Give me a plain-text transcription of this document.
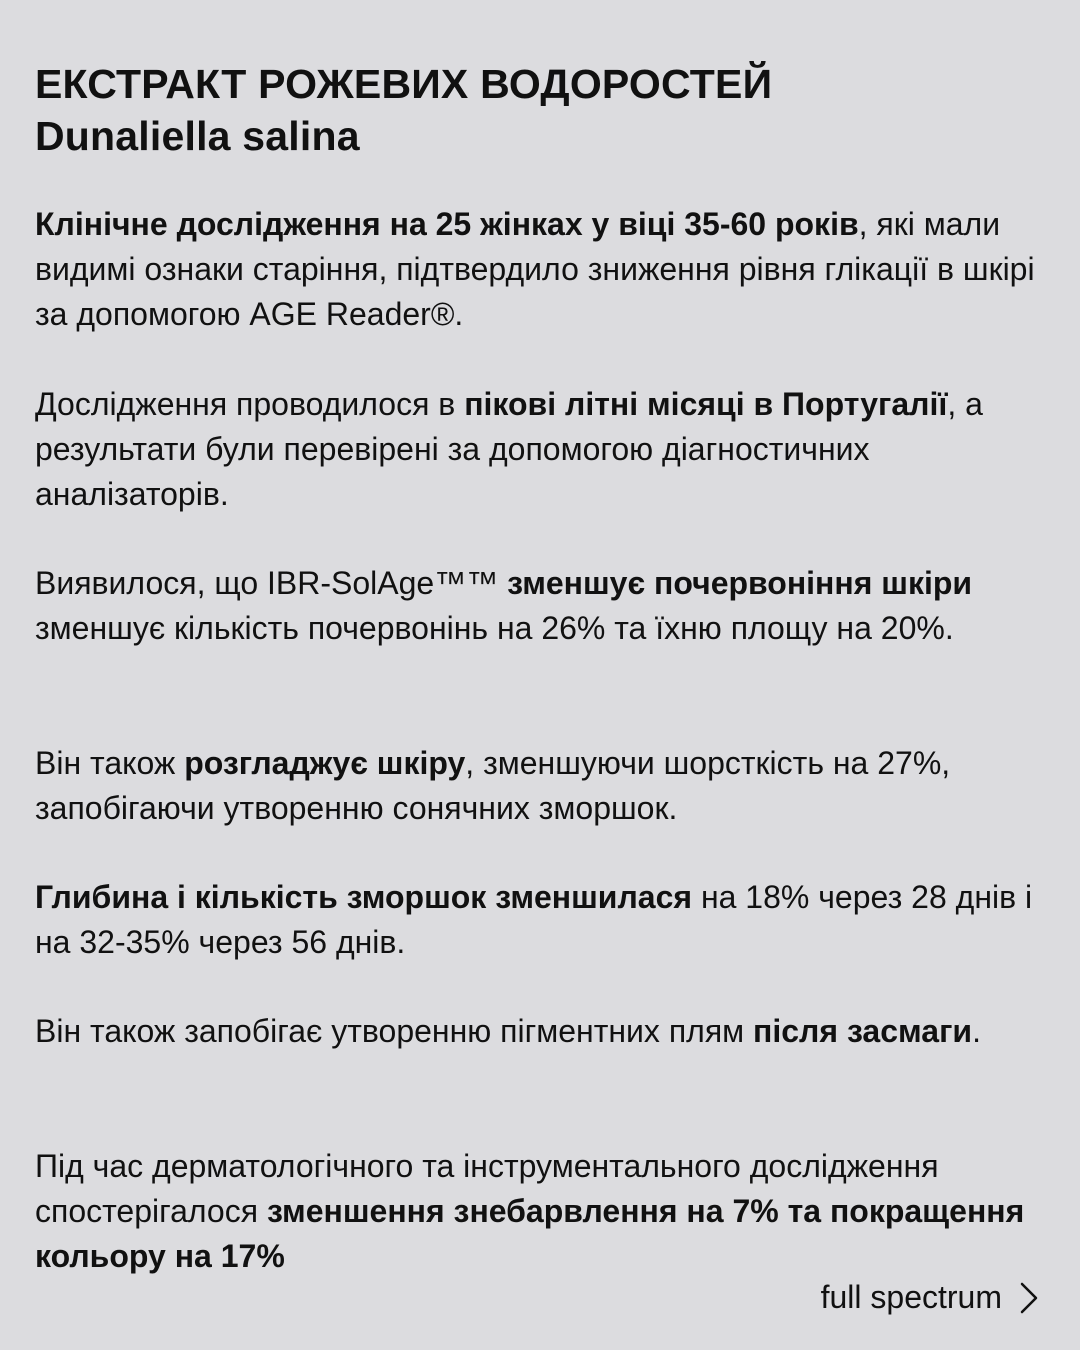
ЕКСТРАКТ РОЖЕВИХ ВОДОРОСТЕЙ
Dunaliella salina

Клінічне дослідження на 25 жінках у віці 35-60 років, які мали видимі ознаки старіння, підтвердило зниження рівня глікації в шкірі за допомогою AGE Reader®.

Дослідження проводилося в пікові літні місяці в Португалії, а результати були перевірені за допомогою діагностичних аналізаторів.

Виявилося, що IBR-SolAge™™ зменшує почервоніння шкіри зменшує кількість почервонінь на 26% та їхню площу на 20%.

Він також розгладжує шкіру, зменшуючи шорсткість на 27%, запобігаючи утворенню сонячних зморшок.

Глибина і кількість зморшок зменшилася на 18% через 28 днів і на 32-35% через 56 днів.

Він також запобігає утворенню пігментних плям після засмаги.

Під час дерматологічного та інструментального дослідження спостерігалося зменшення знебарвлення на 7% та покращення кольору на 17%

full spectrum
